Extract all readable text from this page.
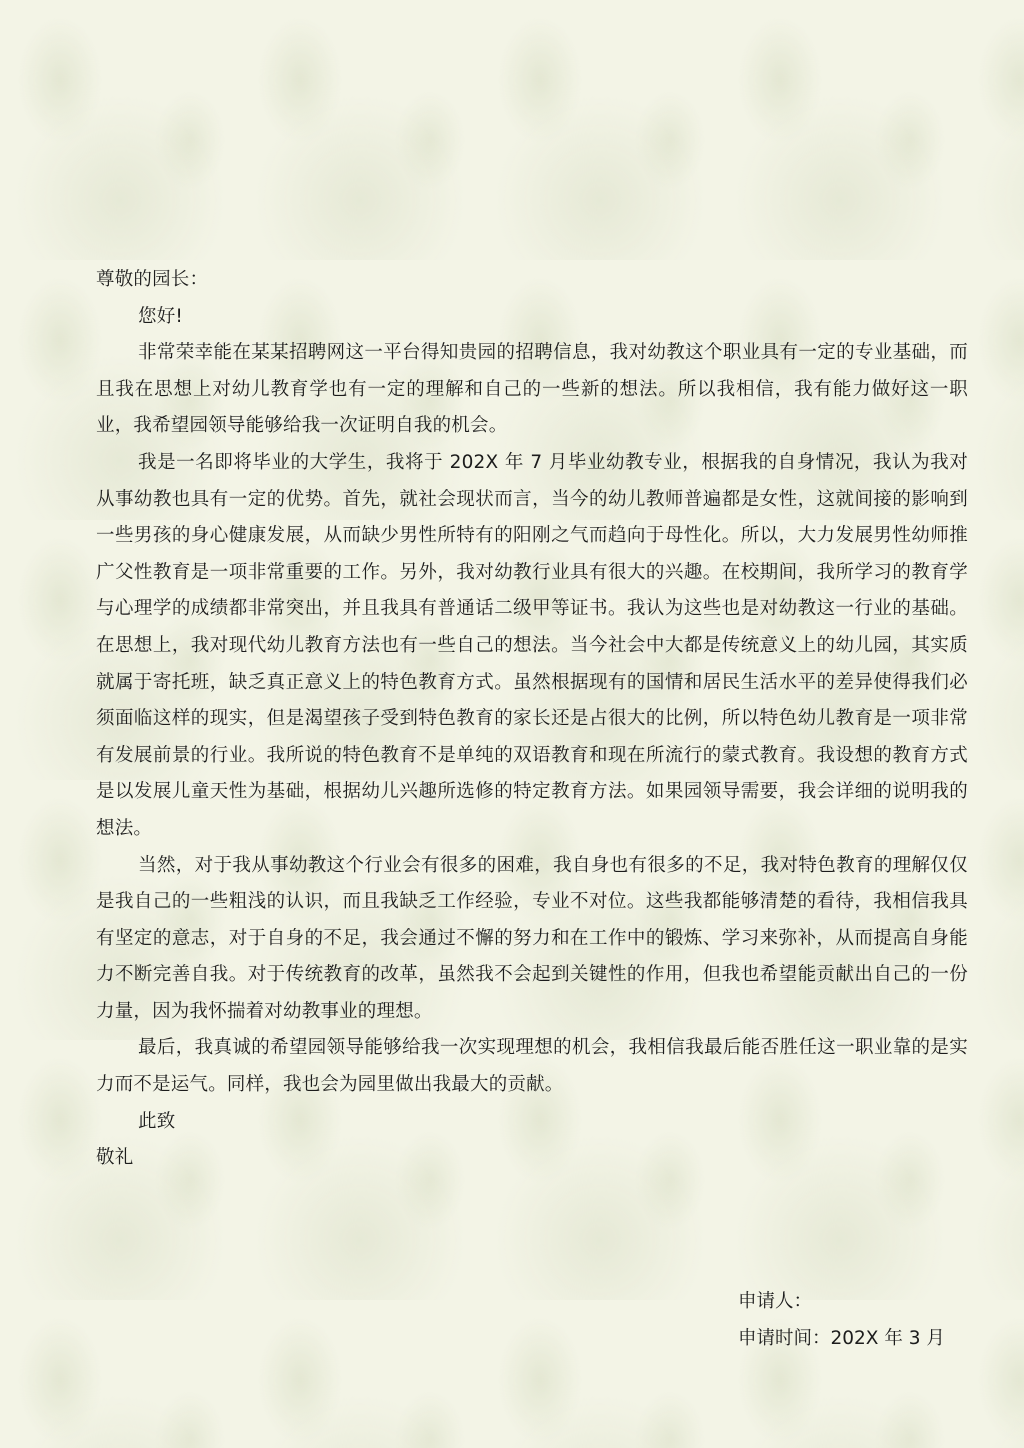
尊敬的园长：

您好!

非常荣幸能在某某招聘网这一平台得知贵园的招聘信息，我对幼教这个职业具有一定的专业基础，而且我在思想上对幼儿教育学也有一定的理解和自己的一些新的想法。所以我相信，我有能力做好这一职业，我希望园领导能够给我一次证明自我的机会。

我是一名即将毕业的大学生，我将于 202X 年 7 月毕业幼教专业，根据我的自身情况，我认为我对从事幼教也具有一定的优势。首先，就社会现状而言，当今的幼儿教师普遍都是女性，这就间接的影响到一些男孩的身心健康发展，从而缺少男性所特有的阳刚之气而趋向于母性化。所以，大力发展男性幼师推广父性教育是一项非常重要的工作。另外，我对幼教行业具有很大的兴趣。在校期间，我所学习的教育学与心理学的成绩都非常突出，并且我具有普通话二级甲等证书。我认为这些也是对幼教这一行业的基础。在思想上，我对现代幼儿教育方法也有一些自己的想法。当今社会中大都是传统意义上的幼儿园，其实质就属于寄托班，缺乏真正意义上的特色教育方式。虽然根据现有的国情和居民生活水平的差异使得我们必须面临这样的现实，但是渴望孩子受到特色教育的家长还是占很大的比例，所以特色幼儿教育是一项非常有发展前景的行业。我所说的特色教育不是单纯的双语教育和现在所流行的蒙式教育。我设想的教育方式是以发展儿童天性为基础，根据幼儿兴趣所选修的特定教育方法。如果园领导需要，我会详细的说明我的想法。

当然，对于我从事幼教这个行业会有很多的困难，我自身也有很多的不足，我对特色教育的理解仅仅是我自己的一些粗浅的认识，而且我缺乏工作经验，专业不对位。这些我都能够清楚的看待，我相信我具有坚定的意志，对于自身的不足，我会通过不懈的努力和在工作中的锻炼、学习来弥补，从而提高自身能力不断完善自我。对于传统教育的改革，虽然我不会起到关键性的作用，但我也希望能贡献出自己的一份力量，因为我怀揣着对幼教事业的理想。

最后，我真诚的希望园领导能够给我一次实现理想的机会，我相信我最后能否胜任这一职业靠的是实力而不是运气。同样，我也会为园里做出我最大的贡献。

此致

敬礼

申请人：
申请时间：202X 年 3 月
